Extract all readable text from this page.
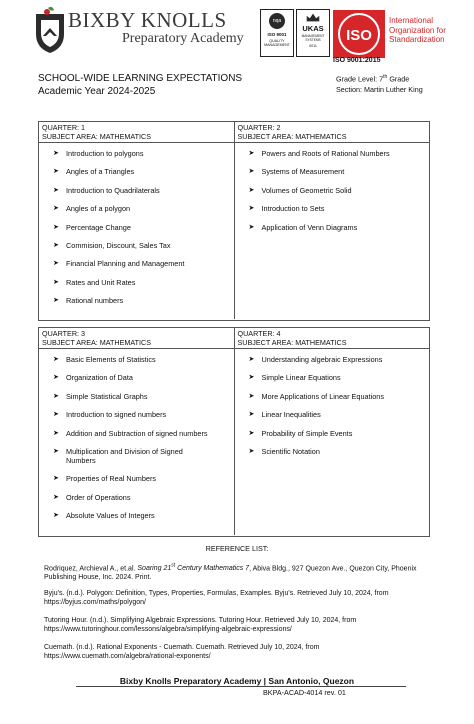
BIXBY KNOLLS
Preparatory Academy
nqa
ISO 9001
QUALITY MANAGEMENT
UKAS
MANAGEMENT SYSTEMS
0011
ISO
ISO 9001:2015
International
Organization for
Standardization
SCHOOL-WIDE LEARNING EXPECTATIONS
Academic Year 2024-2025
Grade Level: 7th Grade
Section: Martin Luther King
QUARTER: 1
SUBJECT AREA: MATHEMATICS
QUARTER: 2
SUBJECT AREA: MATHEMATICS
➤ Introduction to polygons
➤ Angles of a Triangles
➤ Introduction to Quadrilaterals
➤ Angles of a polygon
➤ Percentage Change
➤ Commision, Discount, Sales Tax
➤ Financial Planning and Management
➤ Rates and Unit Rates
➤ Rational numbers
➤ Powers and Roots of Rational Numbers
➤ Systems of Measurement
➤ Volumes of Geometric Solid
➤ Introduction to Sets
➤ Application of Venn Diagrams
QUARTER: 3
SUBJECT AREA: MATHEMATICS
QUARTER: 4
SUBJECT AREA: MATHEMATICS
➤ Basic Elements of Statistics
➤ Organization of Data
➤ Simple Statistical Graphs
➤ Introduction to signed numbers
➤ Addition and Subtraction of signed numbers
➤ Multiplication and Division of Signed Numbers
➤ Properties of Real Numbers
➤ Order of Operations
➤ Absolute Values of Integers
➤ Understanding algebraic Expressions
➤ Simple Linear Equations
➤ More Applications of Linear Equations
➤ Linear Inequalities
➤ Probability of Simple Events
➤ Scientific Notation
REFERENCE LIST:
Rodriquez, Archieval A., et.al. Soaring 21st Century Mathematics 7, Abiva Bldg., 927 Quezon Ave., Quezon City, Phoenix Publishing House, Inc. 2024. Print.
Byju's. (n.d.). Polygon: Definition, Types, Properties, Formulas, Examples. Byju's. Retrieved July 10, 2024, from https://byjus.com/maths/polygon/
Tutoring Hour. (n.d.). Simplifying Algebraic Expressions. Tutoring Hour. Retrieved July 10, 2024, from https://www.tutoringhour.com/lessons/algebra/simplifying-algebraic-expressions/
Cuemath. (n.d.). Rational Exponents - Cuemath. Cuemath. Retrieved July 10, 2024, from https://www.cuemath.com/algebra/rational-exponents/
Bixby Knolls Preparatory Academy | San Antonio, Quezon
BKPA-ACAD-4014 rev. 01
